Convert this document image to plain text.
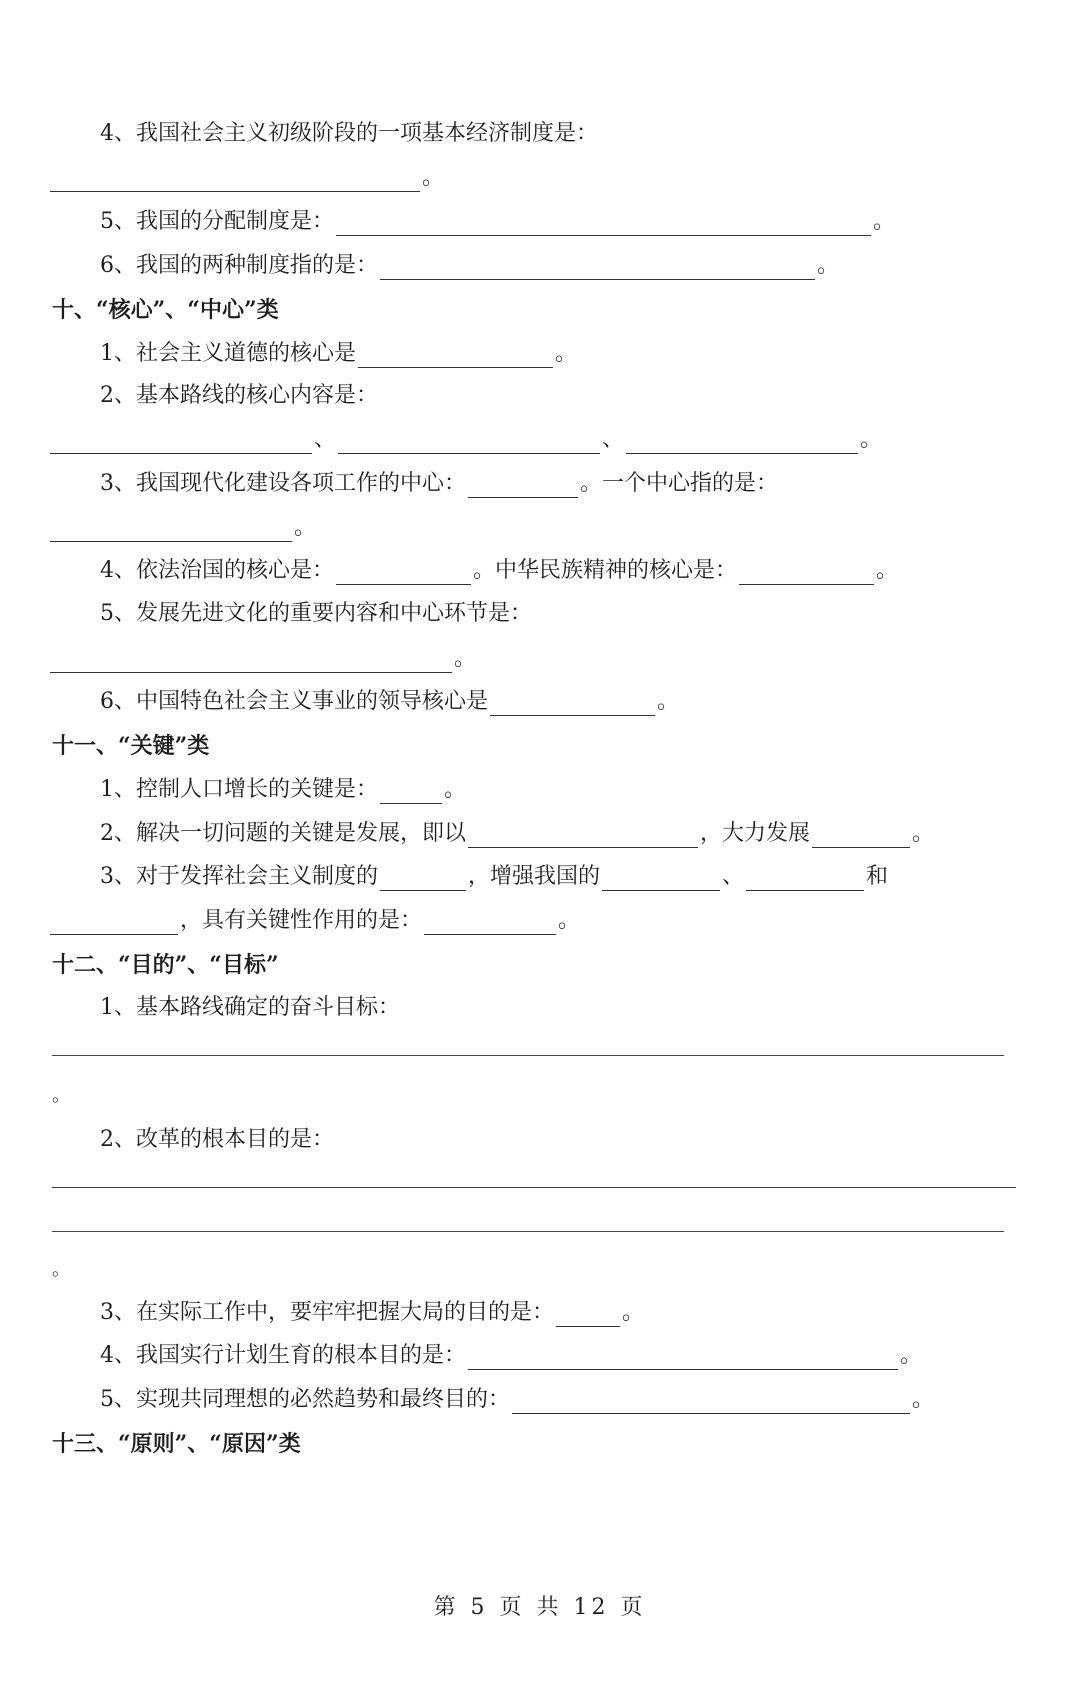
4、我国社会主义初级阶段的一项基本经济制度是：
。
5、我国的分配制度是：	。
6、我国的两种制度指的是：	。
十、“核心”、“中心”类
1、社会主义道德的核心是	。
2、基本路线的核心内容是：
、	、	。
3、我国现代化建设各项工作的中心：	。一个中心指的是：
。
4、依法治国的核心是：	。中华民族精神的核心是：	。
5、发展先进文化的重要内容和中心环节是：
。
6、中国特色社会主义事业的领导核心是	。
十一、“关键”类
1、控制人口增长的关键是：	。
2、解决一切问题的关键是发展，即以	，大力发展	。
3、对于发挥社会主义制度的	，增强我国的	、	和
，具有关键性作用的是：	。
十二、“目的”、“目标”
1、基本路线确定的奋斗目标：
。
2、改革的根本目的是：
。
3、在实际工作中，要牢牢把握大局的目的是：	。
4、我国实行计划生育的根本目的是：	。
5、实现共同理想的必然趋势和最终目的：	。
十三、“原则”、“原因”类
第 5 页 共 12 页
